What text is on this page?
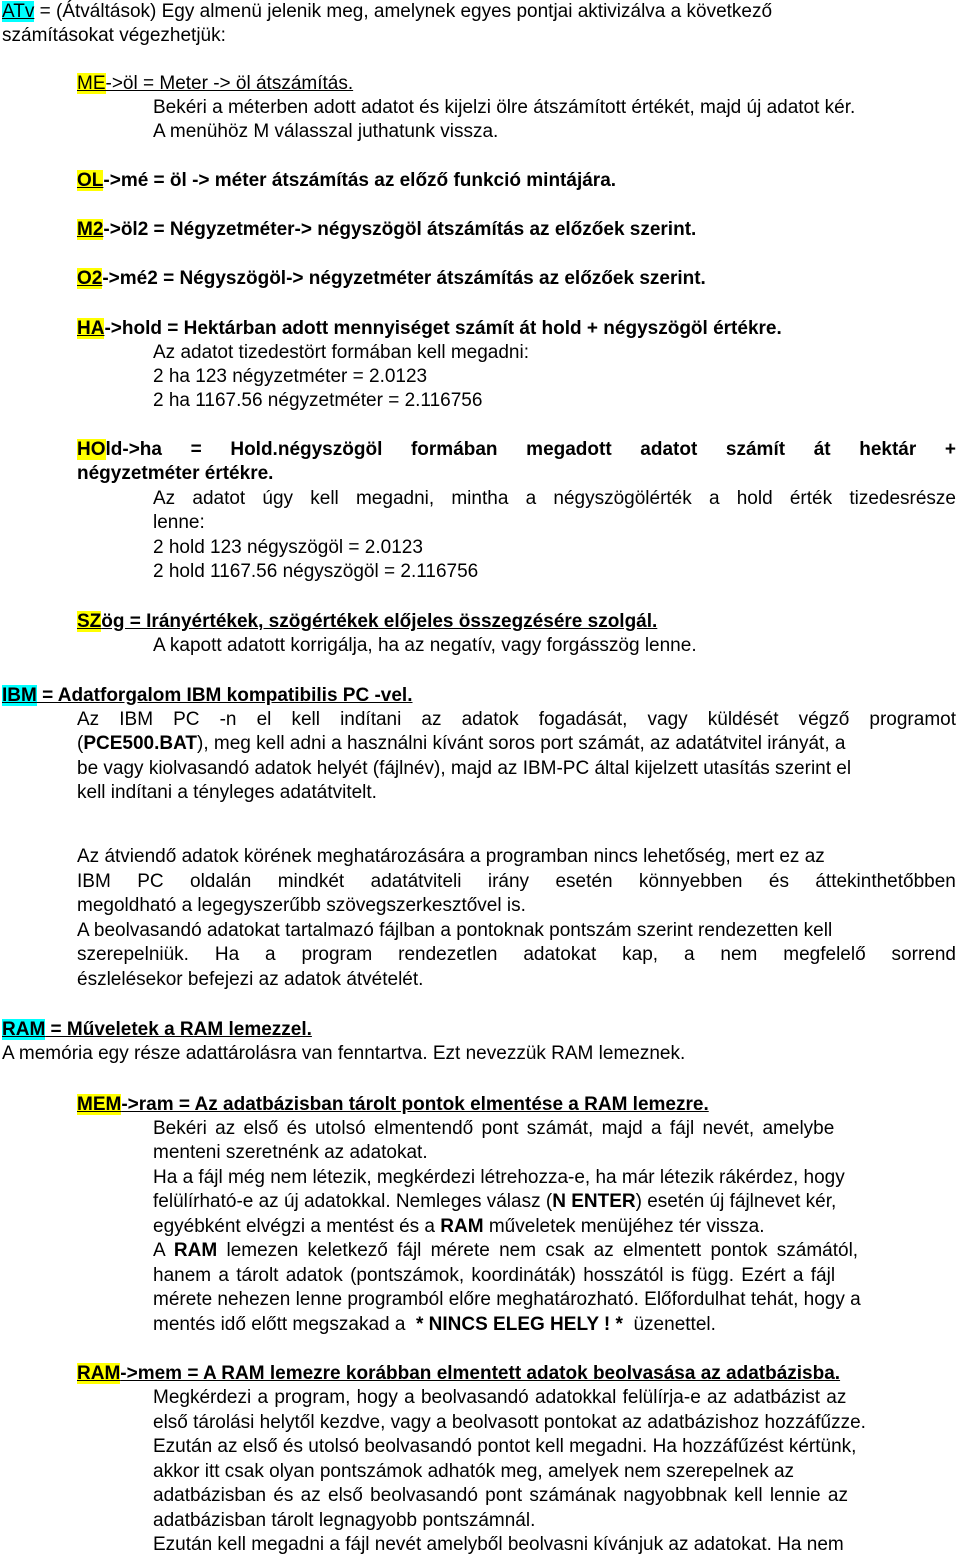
ATv = (Átváltások) Egy almenü jelenik meg, amelynek egyes pontjai aktivizálva a következő
számításokat végezhetjük:
ME->öl = Meter -> öl átszámítás.
Bekéri a méterben adott adatot és kijelzi ölre átszámított értékét, majd új adatot kér.
A menühöz M válasszal juthatunk vissza.
OL->mé = öl -> méter átszámítás az előző funkció mintájára.
M2->öl2 = Négyzetméter-> négyszögöl átszámítás az előzőek szerint.
O2->mé2 = Négyszögöl-> négyzetméter átszámítás az előzőek szerint.
HA->hold = Hektárban adott mennyiséget számít át hold + négyszögöl értékre.
Az adatot tizedestört formában kell megadni:
2 ha 123 négyzetméter = 2.0123
2 ha 1167.56 négyzetméter = 2.116756
HOld->ha = Hold.négyszögöl formában megadott adatot számít át hektár +
négyzetméter értékre.
Az adatot úgy kell megadni, mintha a négyszögölérték a hold érték tizedesrésze
lenne:
2 hold 123 négyszögöl = 2.0123
2 hold 1167.56 négyszögöl = 2.116756
SZög = Irányértékek, szögértékek előjeles összegzésére szolgál.
A kapott adatott korrigálja, ha az negatív, vagy forgásszög lenne.
IBM = Adatforgalom IBM kompatibilis PC -vel.
Az IBM PC -n el kell indítani az adatok fogadását, vagy küldését végző programot
(PCE500.BAT), meg kell adni a használni kívánt soros port számát, az adatátvitel irányát, a
be vagy kiolvasandó adatok helyét (fájlnév), majd az IBM-PC által kijelzett utasítás szerint el
kell indítani a tényleges adatátvitelt.
Az átviendő adatok körének meghatározására a programban nincs lehetőség, mert ez az
IBM PC oldalán mindkét adatátviteli irány esetén könnyebben és áttekinthetőbben
megoldható a legegyszerűbb szövegszerkesztővel is.
A beolvasandó adatokat tartalmazó fájlban a pontoknak pontszám szerint rendezetten kell
szerepelniük. Ha a program rendezetlen adatokat kap, a nem megfelelő sorrend
észlelésekor befejezi az adatok átvételét.
RAM = Műveletek a RAM lemezzel.
A memória egy része adattárolásra van fenntartva. Ezt nevezzük RAM lemeznek.
MEM->ram = Az adatbázisban tárolt pontok elmentése a RAM lemezre.
Bekéri az első és utolsó elmentendő pont számát, majd a fájl nevét, amelybe
menteni szeretnénk az adatokat.
Ha a fájl még nem létezik, megkérdezi létrehozza-e, ha már létezik rákérdez, hogy
felülírható-e az új adatokkal. Nemleges válasz (N ENTER) esetén új fájlnevet kér,
egyébként elvégzi a mentést és a RAM műveletek menüjéhez tér vissza.
A RAM lemezen keletkező fájl mérete nem csak az elmentett pontok számától,
hanem a tárolt adatok (pontszámok, koordináták) hosszától is függ. Ezért a fájl
mérete nehezen lenne programból előre meghatározható. Előfordulhat tehát, hogy a
mentés idő előtt megszakad a  * NINCS ELEG HELY ! *  üzenettel.
RAM->mem = A RAM lemezre korábban elmentett adatok beolvasása az adatbázisba.
Megkérdezi a program, hogy a beolvasandó adatokkal felülírja-e az adatbázist az
első tárolási helytől kezdve, vagy a beolvasott pontokat az adatbázishoz hozzáfűzze.
Ezután az első és utolsó beolvasandó pontot kell megadni. Ha hozzáfűzést kértünk,
akkor itt csak olyan pontszámok adhatók meg, amelyek nem szerepelnek az
adatbázisban és az első beolvasandó pont számának nagyobbnak kell lennie az
adatbázisban tárolt legnagyobb pontszámnál.
Ezután kell megadni a fájl nevét amelyből beolvasni kívánjuk az adatokat. Ha nem
